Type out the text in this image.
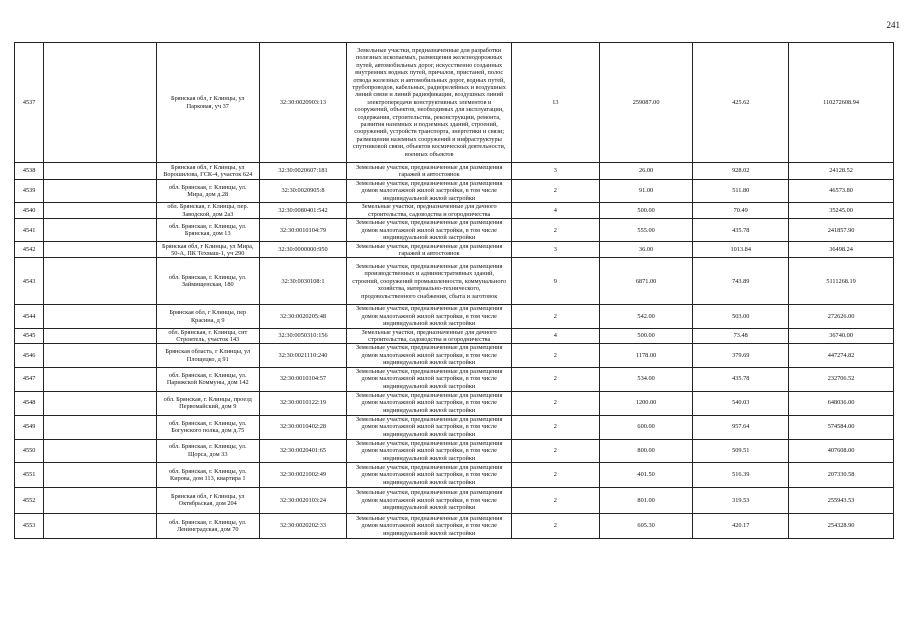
241
4537		Брянская обл, г Клинцы, ул Парковая, уч 37	32:30:0020903:13	Земельные участки, предназначенные для разработки полезных ископаемых, размещения железнодорожных путей, автомобильных дорог, искусственно созданных внутренних водных путей, причалов, пристаней, полос отвода железных и автомобильных дорог, водных путей, трубопроводов, кабельных, радиорелейных и воздушных линий связи и линий радиофикации, воздушных линий электропередачи конструктивных элементов и сооружений, объектов, необходимых для эксплуатации, содержания, строительства, реконструкции, ремонта, развития наземных и подземных зданий, строений, сооружений, устройств транспорта, энергетики и связи; размещения наземных сооружений и инфраструктуры спутниковой связи, объектов космической деятельности, военных объектов	13	259087.00	425.62	110272608.94
4538		Брянская обл, г Клинцы, ул Ворошилова, ГСК-4, участок 624	32:30:0020607:181	Земельные участки, предназначенные для размещения гаражей и автостоянок	3	26.00	928.02	24128.52
4539		обл. Брянская, г. Клинцы, ул. Мира, дом д.28	32:30:0020905:8	Земельные участки, предназначенные для размещения домов малоэтажной жилой застройки, в том числе индивидуальной жилой застройки	2	91.00	511.80	46573.80
4540		обл. Брянская, г. Клинцы, пер. Заводской, дом 2а3	32:30:0080401:542	Земельные участки, предназначенные для дачного строительства, садоводства и огородничества	4	500.00	70.49	35245.00
4541		обл. Брянская, г. Клинцы, ул. Брянская, дом 13	32:30:0010104:79	Земельные участки, предназначенные для размещения домов малоэтажной жилой застройки, в том числе индивидуальной жилой застройки	2	555.00	435.78	241857.90
4542		Брянская обл, г Клинцы, ул Мира, 50-А, ПК Техмаш-1, уч 290	32:30:0000000:950	Земельные участки, предназначенные для размещения гаражей и автостоянок	3	36.00	1013.84	36498.24
4543		обл. Брянская, г. Клинцы, ул. Займищенская, 180	32:30:0030108:1	Земельные участки, предназначенные для размещения производственных и административных зданий, строений, сооружений промышленности, коммунального хозяйства, материально-технического, продовольственного снабжения, сбыта и заготовок	9	6871.00	743.89	5111268.19
4544		Брянская обл, г Клинцы, пер Красина, д 9	32:30:0020205:48	Земельные участки, предназначенные для размещения домов малоэтажной жилой застройки, в том числе индивидуальной жилой застройки	2	542.00	503.00	272626.00
4545		обл. Брянская, г. Клинцы, снт Строитель, участок 143	32:30:0050310:156	Земельные участки, предназначенные для дачного строительства, садоводства и огородничества	4	500.00	73.48	36740.00
4546		Брянская область, г Клинцы, ул Площецко, д 91	32:30:0021110:240	Земельные участки, предназначенные для размещения домов малоэтажной жилой застройки, в том числе индивидуальной жилой застройки	2	1178.00	379.69	447274.82
4547		обл. Брянская, г. Клинцы, ул. Парижской Коммуны, дом 142	32:30:0010104:57	Земельные участки, предназначенные для размещения домов малоэтажной жилой застройки, в том числе индивидуальной жилой застройки	2	534.00	435.78	232706.52
4548		обл. Брянская, г. Клинцы, проезд Первомайский, дом 9	32:30:0010122:19	Земельные участки, предназначенные для размещения домов малоэтажной жилой застройки, в том числе индивидуальной жилой застройки	2	1200.00	540.03	648036.00
4549		обл. Брянская, г. Клинцы, ул. Богунского полка, дом д.75	32:30:0010402:28	Земельные участки, предназначенные для размещения домов малоэтажной жилой застройки, в том числе индивидуальной жилой застройки	2	600.00	957.64	574584.00
4550		обл. Брянская, г. Клинцы, ул. Щорса, дом 33	32:30:0020401:65	Земельные участки, предназначенные для размещения домов малоэтажной жилой застройки, в том числе индивидуальной жилой застройки	2	800.00	509.51	407608.00
4551		обл. Брянская, г. Клинцы, ул. Кирова, дом 113, квартира 1	32:30:0021002:49	Земельные участки, предназначенные для размещения домов малоэтажной жилой застройки, в том числе индивидуальной жилой застройки	2	401.50	516.39	207330.58
4552		Брянская обл, г Клинцы, ул Октябрьская, дом 204	32:30:0020103:24	Земельные участки, предназначенные для размещения домов малоэтажной жилой застройки, в том числе индивидуальной жилой застройки	2	801.00	319.53	255943.53
4553		обл. Брянская, г. Клинцы, ул. Ленинградская, дом 70	32:30:0020202:33	Земельные участки, предназначенные для размещения домов малоэтажной жилой застройки, в том числе индивидуальной жилой застройки	2	605.30	420.17	254328.90
